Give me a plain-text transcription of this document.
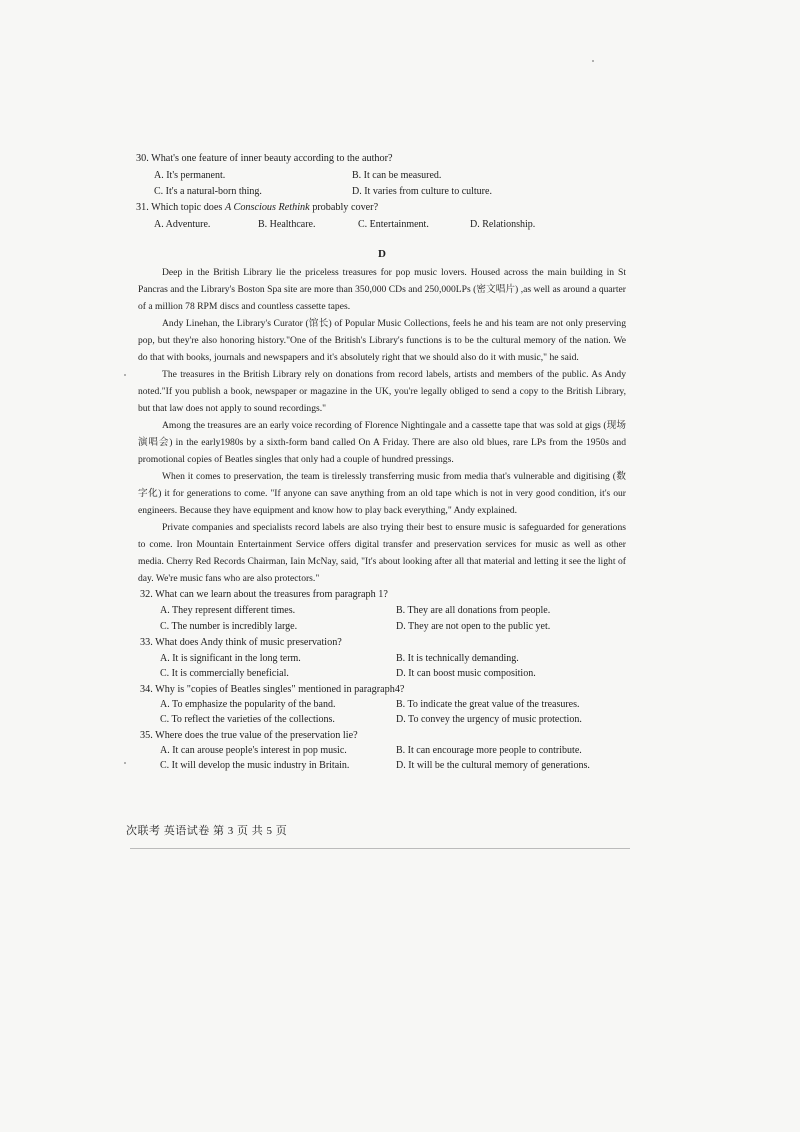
30. What's one feature of inner beauty according to the author?
A. It's permanent.	B. It can be measured.
C. It's a natural-born thing.	D. It varies from culture to culture.
31. Which topic does A Conscious Rethink probably cover?
A. Adventure.	B. Healthcare.	C. Entertainment.	D. Relationship.
D

Deep in the British Library lie the priceless treasures for pop music lovers. Housed across the main building in St Pancras and the Library's Boston Spa site are more than 350,000 CDs and 250,000LPs (密文唱片) ,as well as around a quarter of a million 78 RPM discs and countless cassette tapes.

Andy Linehan, the Library's Curator (馆长) of Popular Music Collections, feels he and his team are not only preserving pop, but they're also honoring history."One of the British's Library's functions is to be the cultural memory of the nation. We do that with books, journals and newspapers and it's absolutely right that we should also do it with music," he said.

The treasures in the British Library rely on donations from record labels, artists and members of the public. As Andy noted."If you publish a book, newspaper or magazine in the UK, you're legally obliged to send a copy to the British Library, but that law does not apply to sound recordings."

Among the treasures are an early voice recording of Florence Nightingale and a cassette tape that was sold at gigs (现场演唱会) in the early1980s by a sixth-form band called On A Friday. There are also old blues, rare LPs from the 1950s and promotional copies of Beatles singles that only had a couple of hundred pressings.

When it comes to preservation, the team is tirelessly transferring music from media that's vulnerable and digitising (数字化) it for generations to come. "If anyone can save anything from an old tape which is not in very good condition, it's our engineers. Because they have equipment and know how to play back everything," Andy explained.

Private companies and specialists record labels are also trying their best to ensure music is safeguarded for generations to come. Iron Mountain Entertainment Service offers digital transfer and preservation services for music as well as other media. Cherry Red Records Chairman, Iain McNay, said, "It's about looking after all that material and letting it see the light of day. We're music fans who are also protectors."

32. What can we learn about the treasures from paragraph 1?
A. They represent different times.	B. They are all donations from people.
C. The number is incredibly large.	D. They are not open to the public yet.
33. What does Andy think of music preservation?
A. It is significant in the long term.	B. It is technically demanding.
C. It is commercially beneficial.	D. It can boost music composition.
34. Why is "copies of Beatles singles" mentioned in paragraph4?
A. To emphasize the popularity of the band.	B. To indicate the great value of the treasures.
C. To reflect the varieties of the collections.	D. To convey the urgency of music protection.
35. Where does the true value of the preservation lie?
A. It can arouse people's interest in pop music.	B. It can encourage more people to contribute.
C. It will develop the music industry in Britain.	D. It will be the cultural memory of generations.
次联考 英语试卷 第 3 页 共 5 页
